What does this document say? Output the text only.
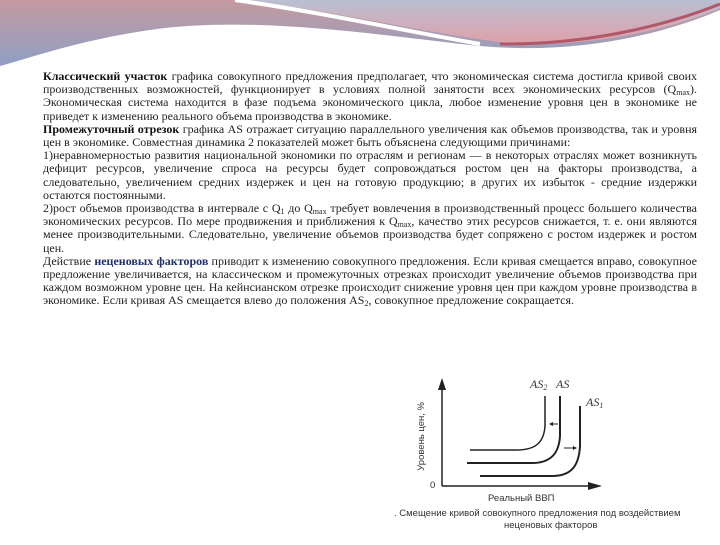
Классический участок графика совокупного предложения предполагает, что экономическая система достигла кривой своих производственных возможностей, функционирует в условиях полной занятости всех экономических ресурсов $(Q_{max})$. Экономическая система находится в фазе подъема экономического цикла, любое изменение уровня цен в экономике не приведет к изменению реального объема производства в экономике.

Промежуточный отрезок графика AS отражает ситуацию параллельного увеличения как объемов производства, так и уровня цен в экономике. Совместная динамика 2 показателей может быть объяснена следующими причинами:

1)неравномерностью развития национальной экономики по отраслям и регионам — в некоторых отраслях может возникнуть дефицит ресурсов, увеличение спроса на ресурсы будет сопровождаться ростом цен на факторы производства, а следовательно, увеличением средних издержек и цен на готовую продукцию; в других их избыток - средние издержки остаются постоянными.

2)рост объемов производства в интервале с $Q_1$ до $Q_{max}$ требует вовлечения в производственный процесс большего количества экономических ресурсов. По мере продвижения и приближения к $Q_{max}$, качество этих ресурсов снижается, т. е. они являются менее производительными. Следовательно, увеличение объемов производства будет сопряжено с ростом издержек и ростом цен.

Действие неценовых факторов приводит к изменению совокупного предложения. Если кривая смещается вправо, совокупное предложение увеличивается, на классическом и промежуточных отрезках происходит увеличение объемов производства при каждом возможном уровне цен. На кейнсианском отрезке происходит снижение уровня цен при каждом уровне производства в экономике. Если кривая AS смещается влево до положения $AS_2$, совокупное предложение сокращается.

$AS_2$ AS
$AS_1$
Уровень цен, %
0
Реальный ВВП
. Смещение кривой совокупного предложения под воздействием
неценовых факторов
